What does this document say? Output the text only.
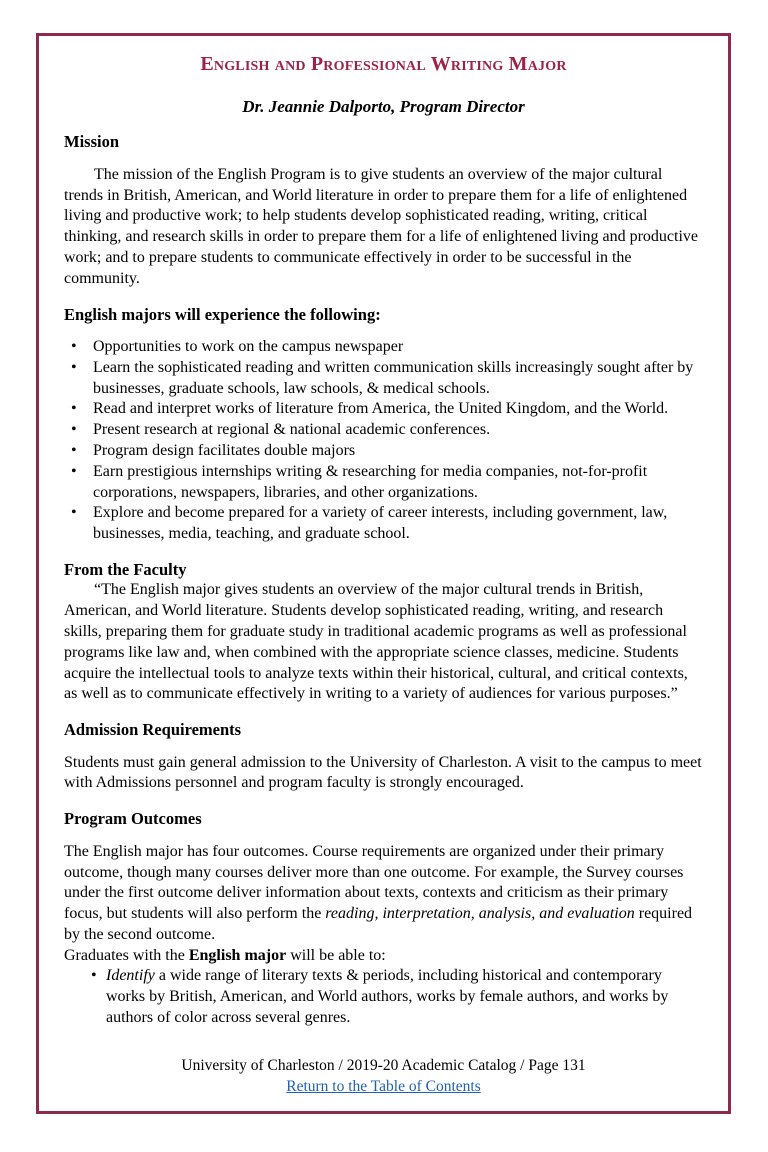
English and Professional Writing Major
Dr. Jeannie Dalporto, Program Director
Mission
The mission of the English Program is to give students an overview of the major cultural trends in British, American, and World literature in order to prepare them for a life of enlightened living and productive work; to help students develop sophisticated reading, writing, critical thinking, and research skills in order to prepare them for a life of enlightened living and productive work; and to prepare students to communicate effectively in order to be successful in the community.
English majors will experience the following:
•	Opportunities to work on the campus newspaper
•	Learn the sophisticated reading and written communication skills increasingly sought after by businesses, graduate schools, law schools, & medical schools.
•	Read and interpret works of literature from America, the United Kingdom, and the World.
•	Present research at regional & national academic conferences.
•	Program design facilitates double majors
•	Earn prestigious internships writing & researching for media companies, not-for-profit corporations, newspapers, libraries, and other organizations.
•	Explore and become prepared for a variety of career interests, including government, law, businesses, media, teaching, and graduate school.
From the Faculty
“The English major gives students an overview of the major cultural trends in British, American, and World literature. Students develop sophisticated reading, writing, and research skills, preparing them for graduate study in traditional academic programs as well as professional programs like law and, when combined with the appropriate science classes, medicine. Students acquire the intellectual tools to analyze texts within their historical, cultural, and critical contexts, as well as to communicate effectively in writing to a variety of audiences for various purposes.”
Admission Requirements
Students must gain general admission to the University of Charleston. A visit to the campus to meet with Admissions personnel and program faculty is strongly encouraged.
Program Outcomes
The English major has four outcomes. Course requirements are organized under their primary outcome, though many courses deliver more than one outcome. For example, the Survey courses under the first outcome deliver information about texts, contexts and criticism as their primary focus, but students will also perform the reading, interpretation, analysis, and evaluation required by the second outcome.
Graduates with the English major will be able to:
• Identify a wide range of literary texts & periods, including historical and contemporary works by British, American, and World authors, works by female authors, and works by authors of color across several genres.
University of Charleston / 2019-20 Academic Catalog / Page 131
Return to the Table of Contents
